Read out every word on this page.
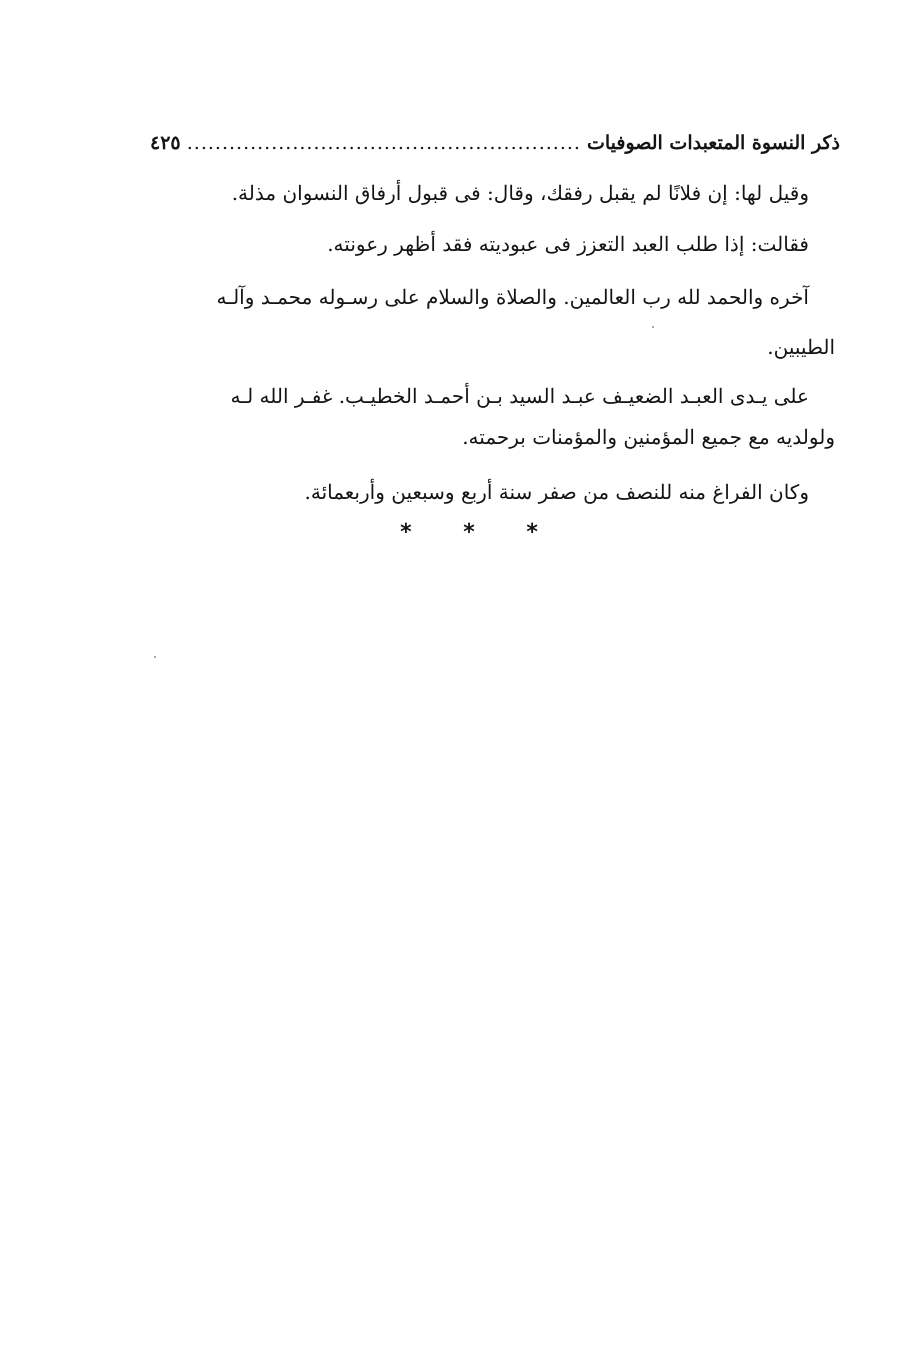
ذكر النسوة المتعبدات الصوفيات
.....
٤٢٥
وقيل لها: إن فلانًا لم يقبل رفقك، وقال: فى قبول أرفاق النسوان مذلة.
فقالت: إذا طلب العبد التعزز فى عبوديته فقد أظهر رعونته.
آخره والحمد لله رب العالمين. والصلاة والسلام على رسـوله محمـد وآلـه
الطيبين.
على يـدى العبـد الضعيـف عبـد السيد بـن أحمـد الخطيـب. غفـر الله لـه
ولولديه مع جميع المؤمنين والمؤمنات برحمته.
وكان الفراغ منه للنصف من صفر سنة أربع وسبعين وأربعمائة.
* * *
